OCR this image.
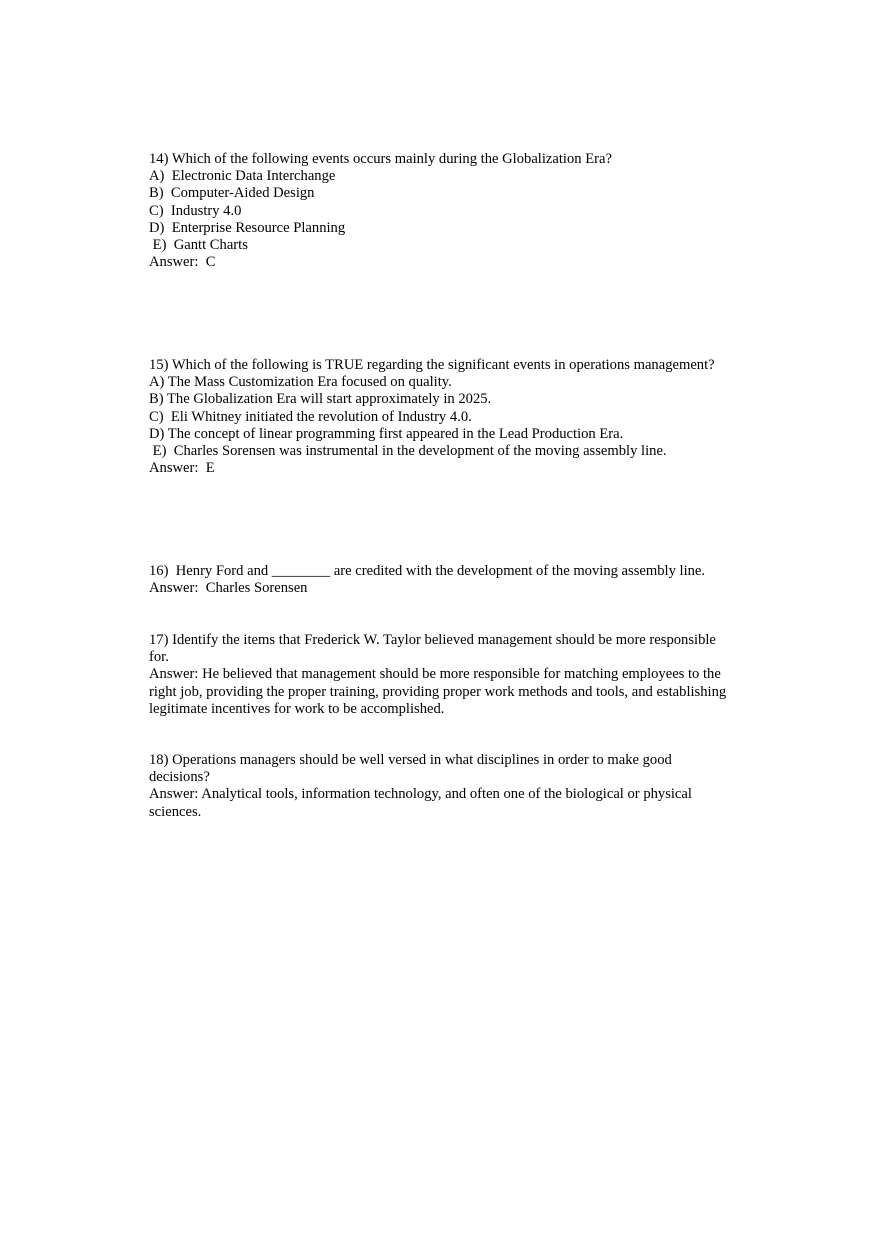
14) Which of the following events occurs mainly during the Globalization Era?
A)  Electronic Data Interchange
B)  Computer-Aided Design
C)  Industry 4.0
D)  Enterprise Resource Planning
E)  Gantt Charts
Answer:  C
15) Which of the following is TRUE regarding the significant events in operations management?
A) The Mass Customization Era focused on quality.
B) The Globalization Era will start approximately in 2025.
C)  Eli Whitney initiated the revolution of Industry 4.0.
D) The concept of linear programming first appeared in the Lead Production Era.
E)  Charles Sorensen was instrumental in the development of the moving assembly line.
Answer:  E
16)  Henry Ford and ________ are credited with the development of the moving assembly line.
Answer:  Charles Sorensen
17) Identify the items that Frederick W. Taylor believed management should be more responsible for.
Answer: He believed that management should be more responsible for matching employees to the right job, providing the proper training, providing proper work methods and tools, and establishing legitimate incentives for work to be accomplished.
18) Operations managers should be well versed in what disciplines in order to make good decisions?
Answer: Analytical tools, information technology, and often one of the biological or physical sciences.
